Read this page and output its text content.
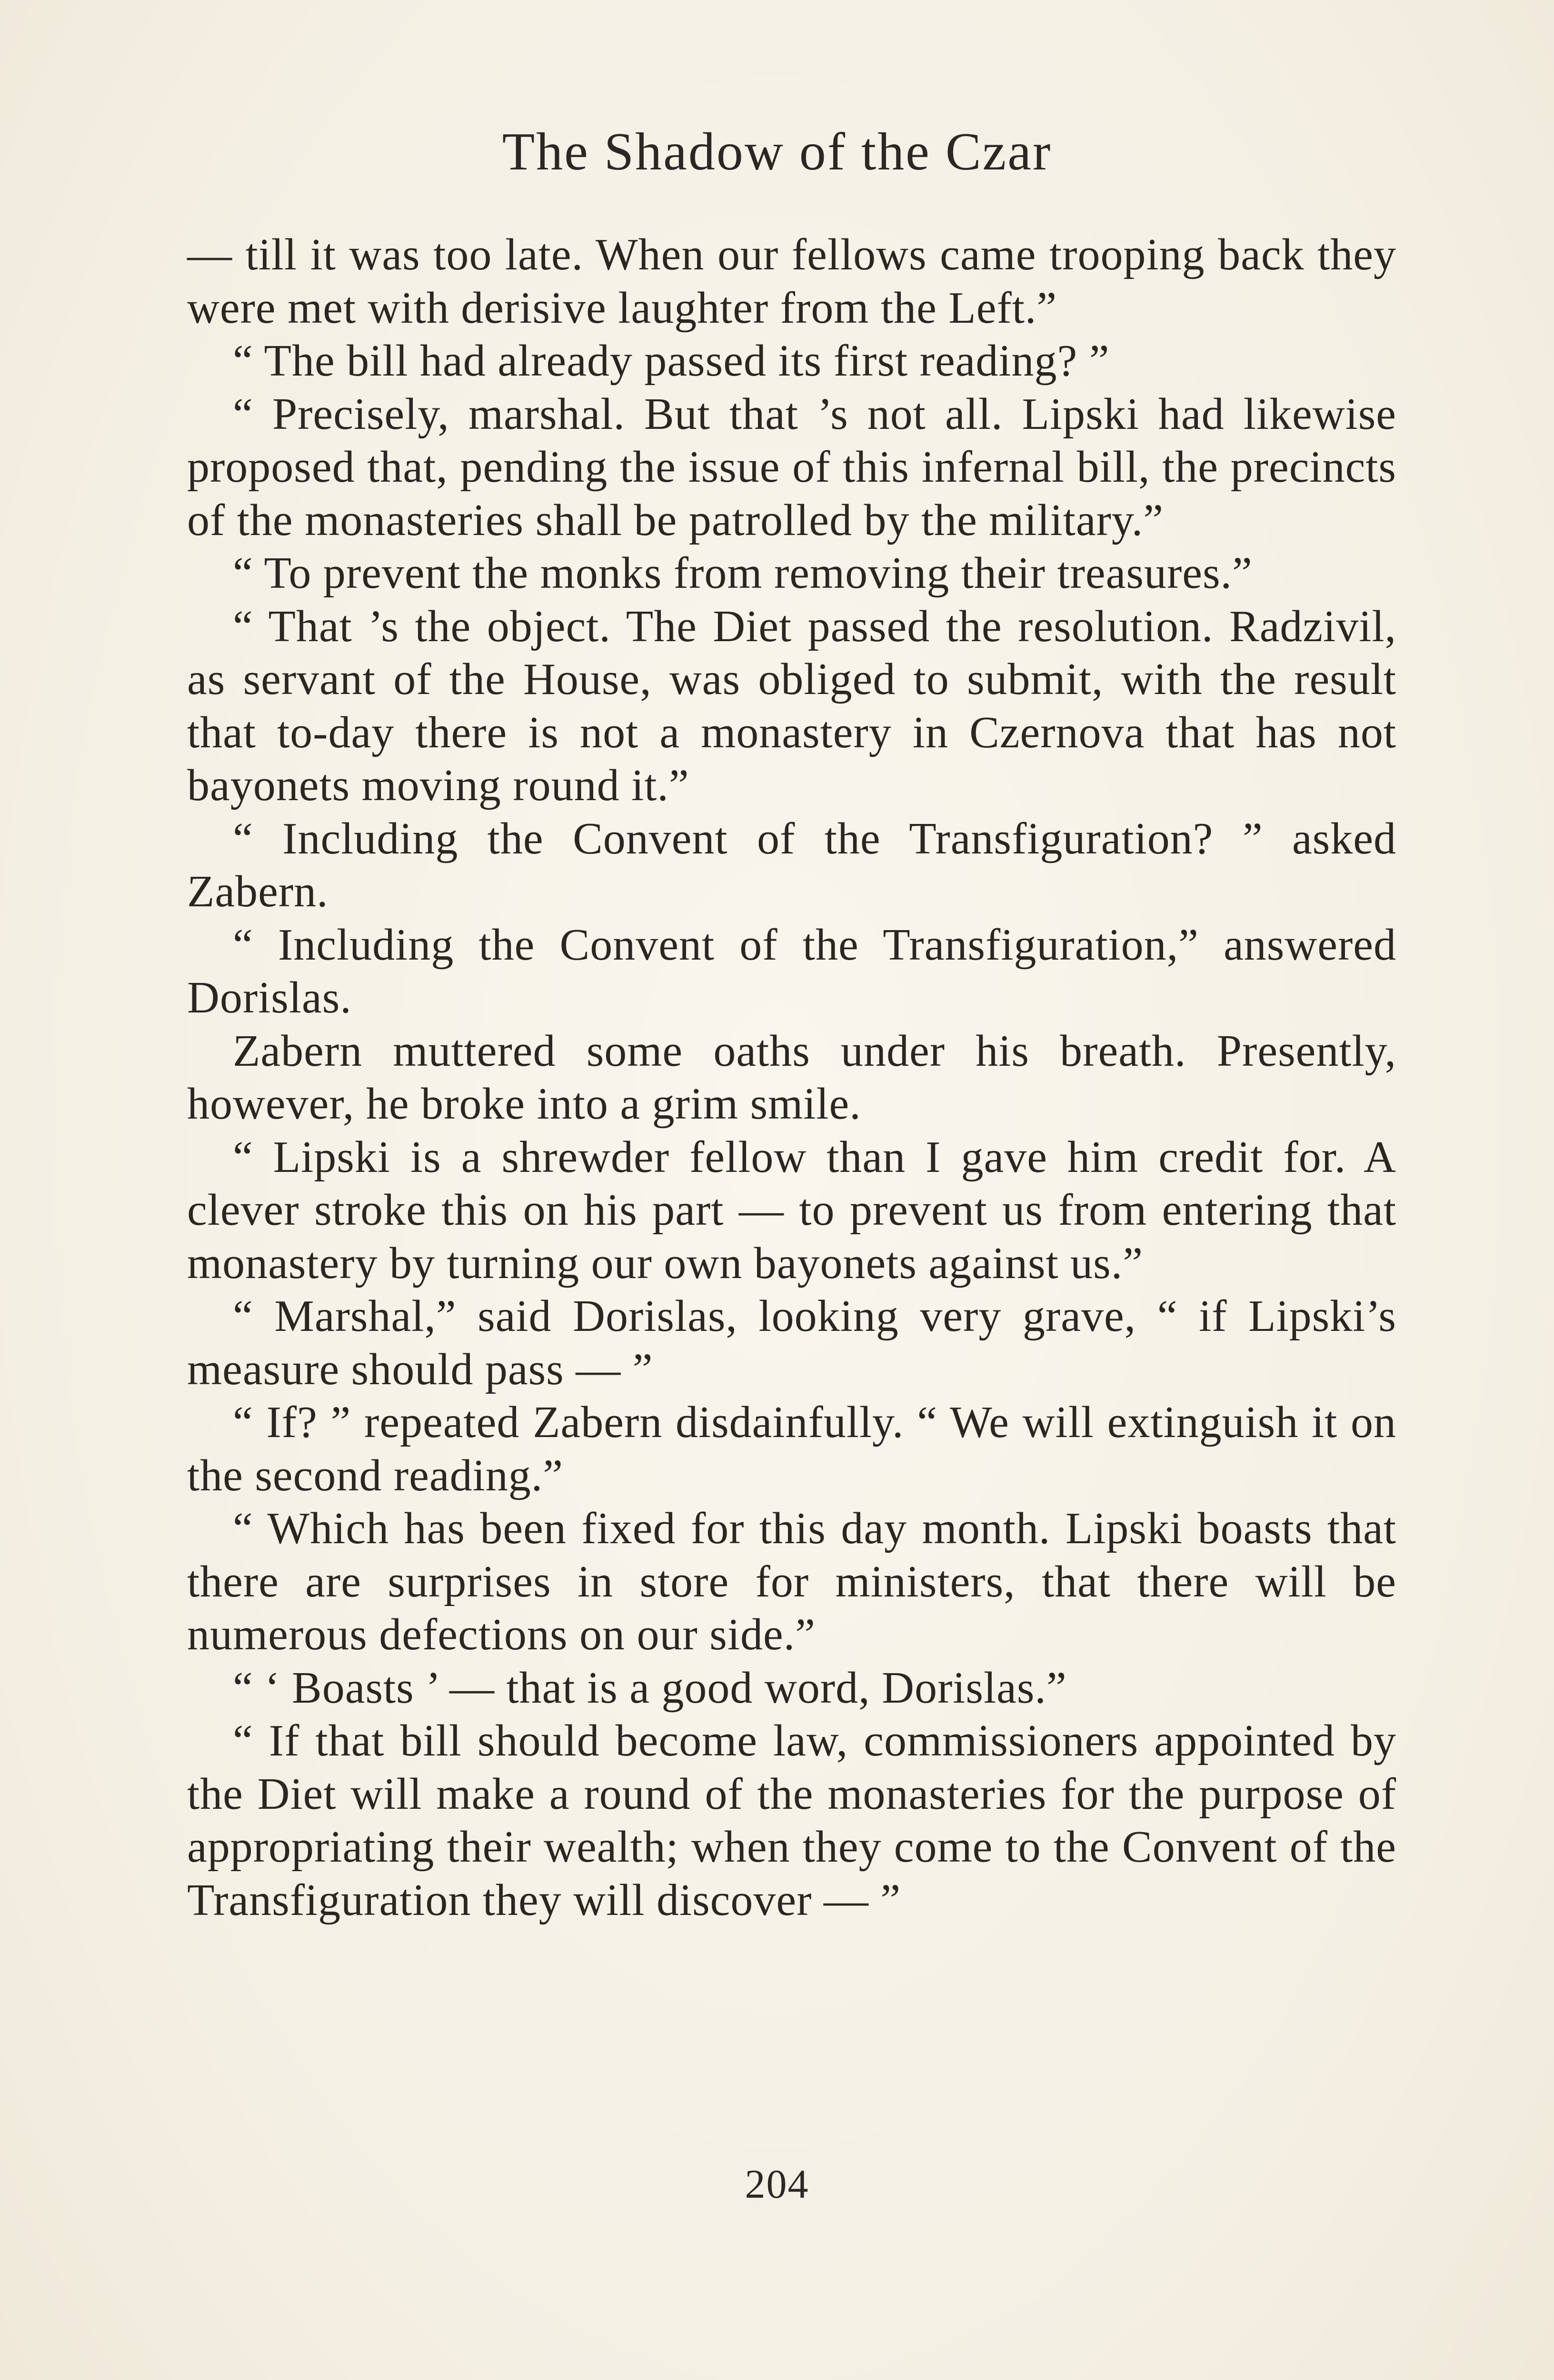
The Shadow of the Czar

— till it was too late. When our fellows came trooping back they were met with derisive laughter from the Left.”

“ The bill had already passed its first reading? ”

“ Precisely, marshal. But that ’s not all. Lipski had likewise proposed that, pending the issue of this infernal bill, the precincts of the monasteries shall be patrolled by the military.”

“ To prevent the monks from removing their treasures.”

“ That ’s the object. The Diet passed the resolution. Radzivil, as servant of the House, was obliged to submit, with the result that to-day there is not a monastery in Czernova that has not bayonets moving round it.”

“ Including the Convent of the Transfiguration? ” asked Zabern.

“ Including the Convent of the Transfiguration,” answered Dorislas.

Zabern muttered some oaths under his breath. Presently, however, he broke into a grim smile.

“ Lipski is a shrewder fellow than I gave him credit for. A clever stroke this on his part — to prevent us from entering that monastery by turning our own bayonets against us.”

“ Marshal,” said Dorislas, looking very grave, “ if Lipski’s measure should pass — ”

“ If? ” repeated Zabern disdainfully. “ We will extinguish it on the second reading.”

“ Which has been fixed for this day month. Lipski boasts that there are surprises in store for ministers, that there will be numerous defections on our side.”

“ ‘ Boasts ’ — that is a good word, Dorislas.”

“ If that bill should become law, commissioners appointed by the Diet will make a round of the monasteries for the purpose of appropriating their wealth; when they come to the Convent of the Transfiguration they will discover — ”

204
